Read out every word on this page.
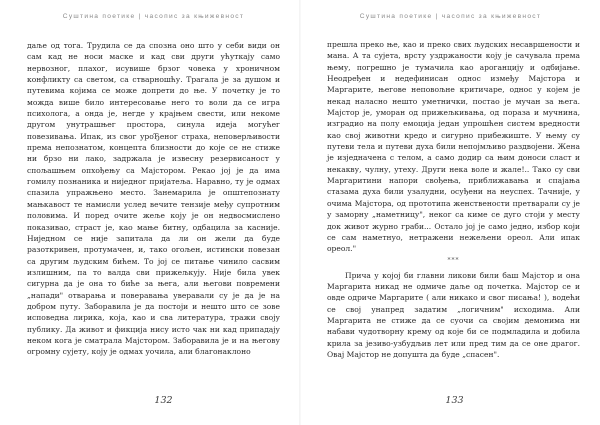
Суштина поетике | часопис за књижевност

даље од тога. Трудила се да спозна оно што у себи види он сам кад не носи маске и кад сви други ућуткају само нервозног, плахог, исувише брзог човека у хроничном конфликту са светом, са стварношћу. Трагала је за душом и путевима којима се може допрети до ње. У почетку је то можда више било интересовање него то воли да се игра психолога, а онда је, негде у крајњем свести, или некоме другом унутрашњег простора, синула идеја могућег повезивања. Ипак, из свог уроЂеног страха, неповерљивости према непознатом, концепта близности до које се не стиже ни брзо ни лако, задржала је извесну резервисаност у спољашњем опхођењу са Мајстором. Рекао јој је да има гомилу познаника и ниједног пријатеља. Наравно, ту је одмах спазила упражњено место. Занемарила је општепознату мањкавост те намисли услед вечите тензије међу супротним половима. И поред очите жеље коју је он недвосмислено показивао, страст је, као мање битну, одбацила за касније. Ниједном се није запитала да ли он жели да буде разоткривен, протумачен, и, тако огољен, истински повезан са другим људским бићем. То јој се питање чинило сасвим излишним, па то валда сви прижељкују. Није била увек сигурна да је она то биће за њега, али његови повремени „напади" отварања и поверавања уверавали су је да је на добром путу. Заборавила је да постоји и нешто што се зове исповедна лирика, која, као и сва литература, тражи своју публику. Да живот и фикција нису исто чак ни кад припадају неком кога је сматрала Мајстором. Заборавила је и на његову огромну сујету, коју је одмах уочила, али благонаклоно

132
Суштина поетике | часопис за књижевност

прешла преко ње, као и преко свих људских несавршености и мана. А та сујета, врсту уздржаности коју је сачувала према њему, погрешно је тумачила као ароганцију и одбијање. Неодређен и недефинисан однос између Мајстора и Маргарите, његове неповољне критичаре, однос у којем је некад наласно нешто уметнички, постао је мучан за њега. Мајстор је, уморан од прижељкивања, од пораза и мучнина, изградио на полу емоција један упрошћен систем вредности као свој животни кредо и сигурно прибежиште. У њему су путеви тела и путеви духа били непојмљиво раздвојени. Жена је изједначена с телом, а само додир са њим доноси сласт и некакву, чулну, утеху. Други нека воле и жале!.. Тако су сви Маргаритини напори свођења, приближавања и спајања стазама духа били узалудни, осуђени на неуспех. Тачније, у очима Мајстора, од прототипа женствености претварали су је у заморну „наметницу", неког са киме се дуго стоји у месту док живот журно граби... Остало јој је само једно, избор који се сам наметнуо, нетражени нежељени ореол. Али ипак ореол."

***

Прича у којој би главни ликови били баш Мајстор и она Маргарита никад не одмиче даље од почетка. Мајстор се и овде одриче Маргарите ( али никако и свог писања! ), водећи се свој унапред задатим „логичним" исходима. Али Маргарита не стиже да се суочи са својим демонима ни набави чудотворну крему од које би се подмладила и добила крила за језиво-узбудљив лет или пред тим да се оне драгог. Овај Мајстор не допушта да буде „спасен".

133
